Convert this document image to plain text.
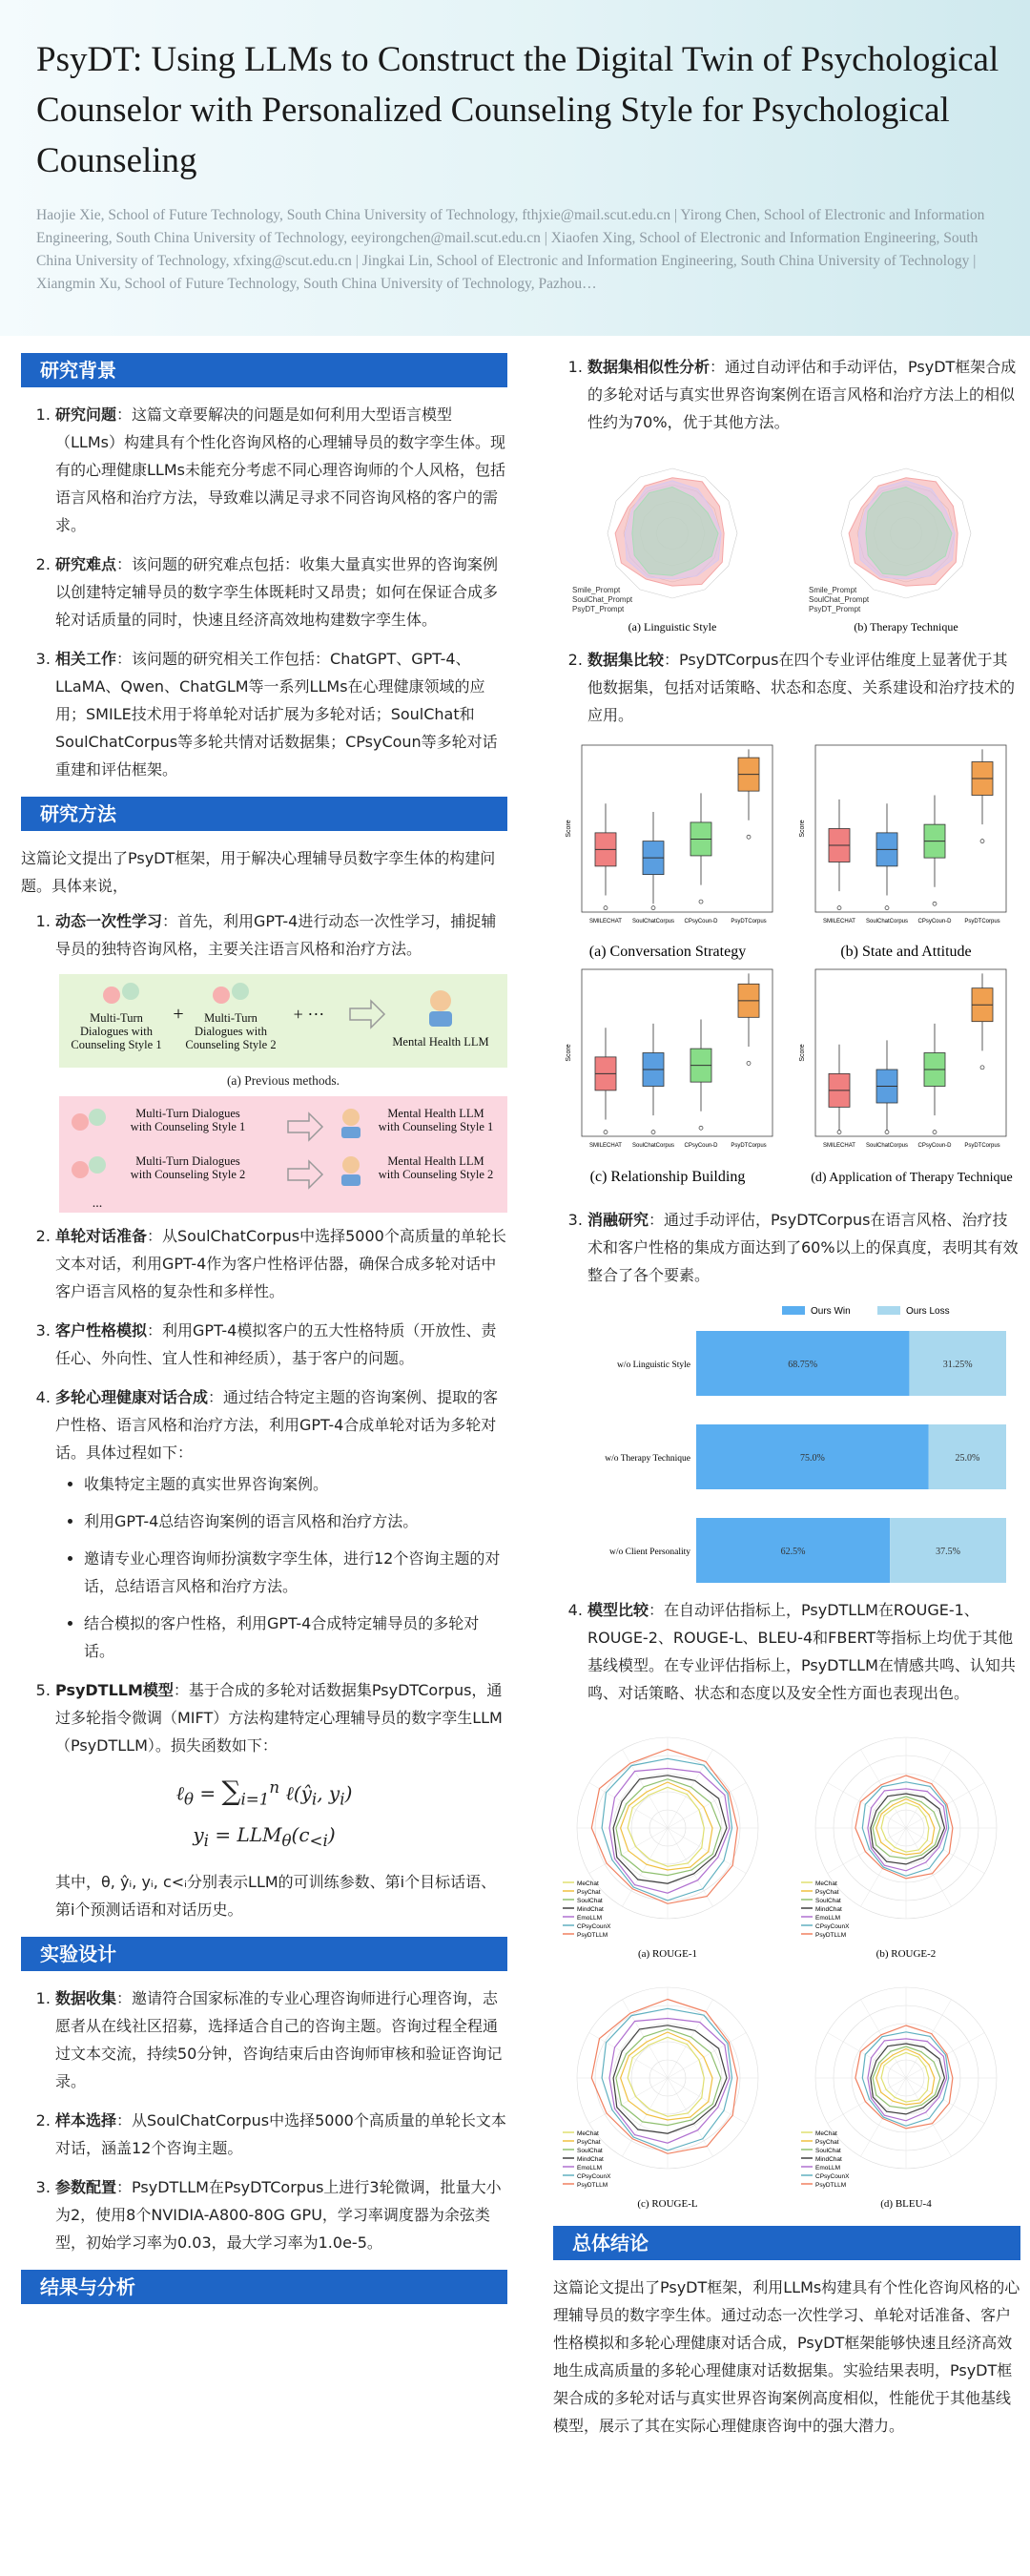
PsyDT: Using LLMs to Construct the Digital Twin of Psychological Counselor with Personalized Counseling Style for Psychological Counseling
Haojie Xie, School of Future Technology, South China University of Technology, fthjxie@mail.scut.edu.cn | Yirong Chen, School of Electronic and Information Engineering, South China University of Technology, eeyirongchen@mail.scut.edu.cn | Xiaofen Xing, School of Electronic and Information Engineering, South China University of Technology, xfxing@scut.edu.cn | Jingkai Lin, School of Electronic and Information Engineering, South China University of Technology | Xiangmin Xu, School of Future Technology, South China University of Technology, Pazhou…
研究背景
1. 研究问题：这篇文章要解决的问题是如何利用大型语言模型（LLMs）构建具有个性化咨询风格的心理辅导员的数字孪生体。现有的心理健康LLMs未能充分考虑不同心理咨询师的个人风格，包括语言风格和治疗方法，导致难以满足寻求不同咨询风格的客户的需求。
2. 研究难点：该问题的研究难点包括：收集大量真实世界的咨询案例以创建特定辅导员的数字孪生体既耗时又昂贵；如何在保证合成多轮对话质量的同时，快速且经济高效地构建数字孪生体。
3. 相关工作：该问题的研究相关工作包括：ChatGPT、GPT-4、LLaMA、Qwen、ChatGLM等一系列LLMs在心理健康领域的应用；SMILE技术用于将单轮对话扩展为多轮对话；SoulChat和SoulChatCorpus等多轮共情对话数据集；CPsyCoun等多轮对话重建和评估框架。
研究方法

这篇论文提出了PsyDT框架，用于解决心理辅导员数字孪生体的构建问题。具体来说，

1. 动态一次性学习：首先，利用GPT-4进行动态一次性学习，捕捉辅导员的独特咨询风格，主要关注语言风格和治疗方法。
Multi-Turn Dialogues with Counseling Style 1
+	Multi-Turn Dialogues with Counseling Style 2
+ ···
Mental Health LLM
(a) Previous methods.
Multi-Turn Dialogues with Counseling Style 1
Mental Health LLM with Counseling Style 1
Multi-Turn Dialogues with Counseling Style 2
Mental Health LLM with Counseling Style 2
...
2. 单轮对话准备：从SoulChatCorpus中选择5000个高质量的单轮长文本对话，利用GPT-4作为客户性格评估器，确保合成多轮对话中客户语言风格的复杂性和多样性。
3. 客户性格模拟：利用GPT-4模拟客户的五大性格特质（开放性、责任心、外向性、宜人性和神经质），基于客户的问题。
4. 多轮心理健康对话合成：通过结合特定主题的咨询案例、提取的客户性格、语言风格和治疗方法，利用GPT-4合成单轮对话为多轮对话。具体过程如下：
• 收集特定主题的真实世界咨询案例。
• 利用GPT-4总结咨询案例的语言风格和治疗方法。
• 邀请专业心理咨询师扮演数字孪生体，进行12个咨询主题的对话，总结语言风格和治疗方法。
• 结合模拟的客户性格，利用GPT-4合成特定辅导员的多轮对话。
5. PsyDTLLM模型：基于合成的多轮对话数据集PsyDTCorpus，通过多轮指令微调（MIFT）方法构建特定心理辅导员的数字孪生LLM（PsyDTLLM）。损失函数如下：
ℓ$_\theta$ = $\sum_{i=1}^n$ $\ell(ŷ_i$, $y_i$)
$y_i = LLM_\theta(c_{<i})$

其中，θ, ŷᵢ, yᵢ, c<ᵢ分别表示LLM的可训练参数、第i个目标话语、第i个预测话语和对话历史。

实验设计
1. 数据收集：邀请符合国家标准的专业心理咨询师进行心理咨询，志愿者从在线社区招募，选择适合自己的咨询主题。咨询过程全程通过文本交流，持续50分钟，咨询结束后由咨询师审核和验证咨询记录。
2. 样本选择：从SoulChatCorpus中选择5000个高质量的单轮长文本对话，涵盖12个咨询主题。
3. 参数配置：PsyDTLLM在PsyDTCorpus上进行3轮微调，批量大小为2，使用8个NVIDIA-A800-80G GPU，学习率调度器为余弦类型，初始学习率为0.03，最大学习率为1.0e-5。
结果与分析
1. 数据集相似性分析：通过自动评估和手动评估，PsyDT框架合成的多轮对话与真实世界咨询案例在语言风格和治疗方法上的相似性约为70%，优于其他方法。
(a) Linguistic Style	(b) Therapy Technique
Smile_Prompt
SoulChat_Prompt
PsyDT_Prompt
Smile_Prompt
SoulChat_Prompt
PsyDT_Prompt
2. 数据集比较：PsyDTCorpus在四个专业评估维度上显著优于其他数据集，包括对话策略、状态和态度、关系建设和治疗技术的应用。
(a) Conversation Strategy	(b) State and Attitude
(c) Relationship Building	(d) Application of Therapy Technique
Score
SMILECHAT SoulChatCorpus CPsyCoun-D PsyDTCorpus
Score
SMILECHAT SoulChatCorpus CPsyCoun-D PsyDTCorpus
Score
SMILECHAT SoulChatCorpus CPsyCoun-D PsyDTCorpus
Score
SMILECHAT SoulChatCorpus CPsyCoun-D PsyDTCorpus
3. 消融研究：通过手动评估，PsyDTCorpus在语言风格、治疗技术和客户性格的集成方面达到了60%以上的保真度，表明其有效整合了各个要素。
Ours Win	Ours Loss
w/o Linguistic Style	68.75%	31.25%
w/o Therapy Technique	75.0%	25.0%
w/o Client Personality	62.5%	37.5%
4. 模型比较：在自动评估指标上，PsyDTLLM在ROUGE-1、ROUGE-2、ROUGE-L、BLEU-4和FBERT等指标上均优于其他基线模型。在专业评估指标上，PsyDTLLM在情感共鸣、认知共鸣、对话策略、状态和态度以及安全性方面也表现出色。
(a) ROUGE-1	(b) ROUGE-2
(c) ROUGE-L	(d) BLEU-4
MeChat
PsyChat
SoulChat
MindChat
EmoLLM
CPsyCounX
PsyDTLLM
MeChat
PsyChat
SoulChat
MindChat
EmoLLM
CPsyCounX
PsyDTLLM
MeChat
PsyChat
SoulChat
MindChat
EmoLLM
CPsyCounX
PsyDTLLM
MeChat
PsyChat
SoulChat
MindChat
EmoLLM
CPsyCounX
PsyDTLLM
总体结论

这篇论文提出了PsyDT框架，利用LLMs构建具有个性化咨询风格的心理辅导员的数字孪生体。通过动态一次性学习、单轮对话准备、客户性格模拟和多轮心理健康对话合成，PsyDT框架能够快速且经济高效地生成高质量的多轮心理健康对话数据集。实验结果表明，PsyDT框架合成的多轮对话与真实世界咨询案例高度相似，性能优于其他基线模型，展示了其在实际心理健康咨询中的强大潜力。
